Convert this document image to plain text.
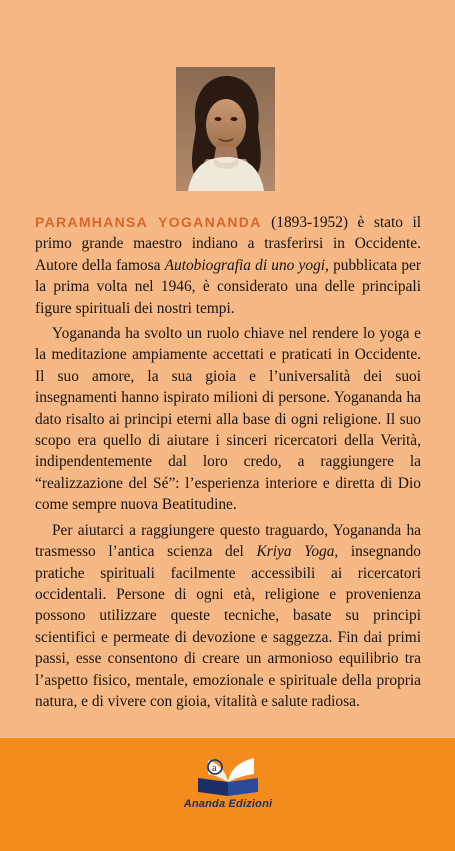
PARAMHANSA YOGANANDA (1893-1952) è stato il primo grande maestro indiano a trasferirsi in Occidente. Autore della famosa Autobiografia di uno yogi, pubblicata per la prima volta nel 1946, è considerato una delle principali figure spirituali dei nostri tempi.

Yogananda ha svolto un ruolo chiave nel rendere lo yoga e la meditazione ampiamente accettati e praticati in Occidente. Il suo amore, la sua gioia e l’universalità dei suoi insegnamenti hanno ispirato milioni di persone. Yogananda ha dato risalto ai principi eterni alla base di ogni religione. Il suo scopo era quello di aiutare i sinceri ricercatori della Verità, indipendentemente dal loro credo, a raggiungere la “realizzazione del Sé”: l’esperienza interiore e diretta di Dio come sempre nuova Beatitudine.

Per aiutarci a raggiungere questo traguardo, Yogananda ha trasmesso l’antica scienza del Kriya Yoga, insegnando pratiche spirituali facilmente accessibili ai ricercatori occidentali. Persone di ogni età, religione e provenienza possono utilizzare queste tecniche, basate su principi scientifici e permeate di devozione e saggezza. Fin dai primi passi, esse consentono di creare un armonioso equilibrio tra l’aspetto fisico, mentale, emozionale e spirituale della propria natura, e di vivere con gioia, vitalità e salute radiosa.

a
Ananda Edizioni
